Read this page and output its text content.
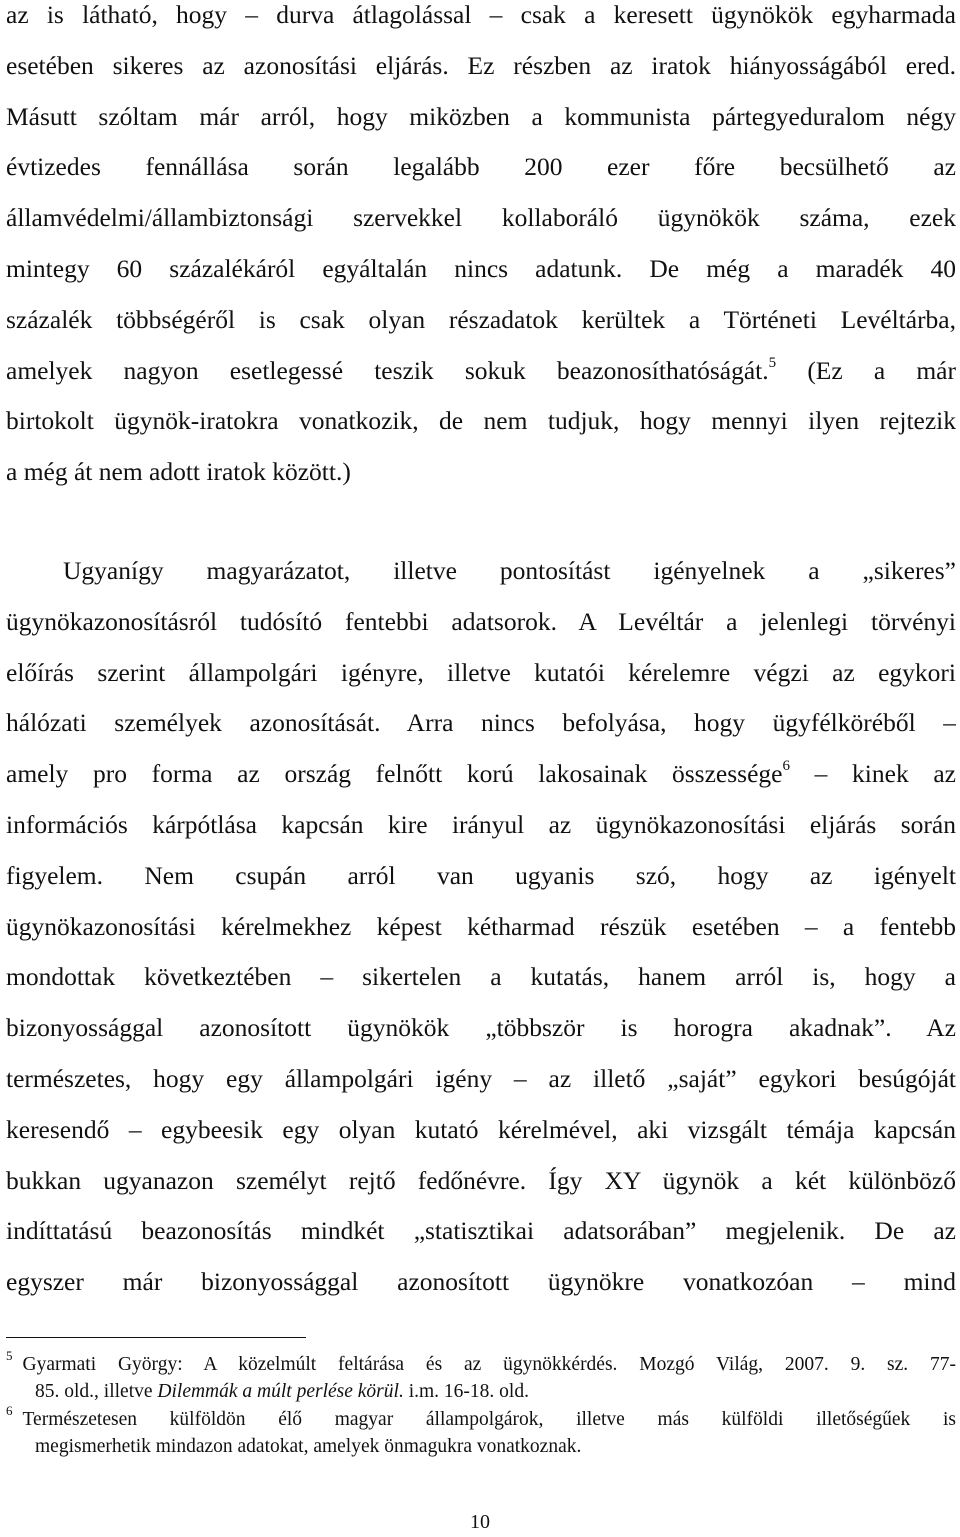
az is látható, hogy – durva átlagolással – csak a keresett ügynökök egyharmada
esetében sikeres az azonosítási eljárás. Ez részben az iratok hiányosságából ered.
Másutt szóltam már arról, hogy miközben a kommunista pártegyeduralom négy
évtizedes fennállása során legalább 200 ezer főre becsülhető az
államvédelmi/állambiztonsági szervekkel kollaboráló ügynökök száma, ezek
mintegy 60 százalékáról egyáltalán nincs adatunk. De még a maradék 40
százalék többségéről is csak olyan részadatok kerültek a Történeti Levéltárba,
amelyek nagyon esetlegessé teszik sokuk beazonosíthatóságát.$^5$ (Ez a már
birtokolt ügynök-iratokra vonatkozik, de nem tudjuk, hogy mennyi ilyen rejtezik
a még át nem adott iratok között.)
Ugyanígy magyarázatot, illetve pontosítást igényelnek a „sikeres”
ügynökazonosításról tudósító fentebbi adatsorok. A Levéltár a jelenlegi törvényi
előírás szerint állampolgári igényre, illetve kutatói kérelemre végzi az egykori
hálózati személyek azonosítását. Arra nincs befolyása, hogy ügyfélköréből –
amely pro forma az ország felnőtt korú lakosainak összessége$^6$ – kinek az
információs kárpótlása kapcsán kire irányul az ügynökazonosítási eljárás során
figyelem. Nem csupán arról van ugyanis szó, hogy az igényelt
ügynökazonosítási kérelmekhez képest kétharmad részük esetében – a fentebb
mondottak következtében – sikertelen a kutatás, hanem arról is, hogy a
bizonyossággal azonosított ügynökök „többször is horogra akadnak”. Az
természetes, hogy egy állampolgári igény – az illető „saját” egykori besúgóját
keresendő – egybeesik egy olyan kutató kérelmével, aki vizsgált témája kapcsán
bukkan ugyanazon személyt rejtő fedőnévre. Így XY ügynök a két különböző
indíttatású beazonosítás mindkét „statisztikai adatsorában” megjelenik. De az
egyszer már bizonyossággal azonosított ügynökre vonatkozóan – mind
$^5$ Gyarmati György: A közelmúlt feltárása és az ügynökkérdés. Mozgó Világ, 2007. 9. sz. 77-
85. old., illetve Dilemmák a múlt perlése körül. i.m. 16-18. old.
$^6$ Természetesen külföldön élő magyar állampolgárok, illetve más külföldi illetőségűek is
megismerhetik mindazon adatokat, amelyek önmagukra vonatkoznak.
10
